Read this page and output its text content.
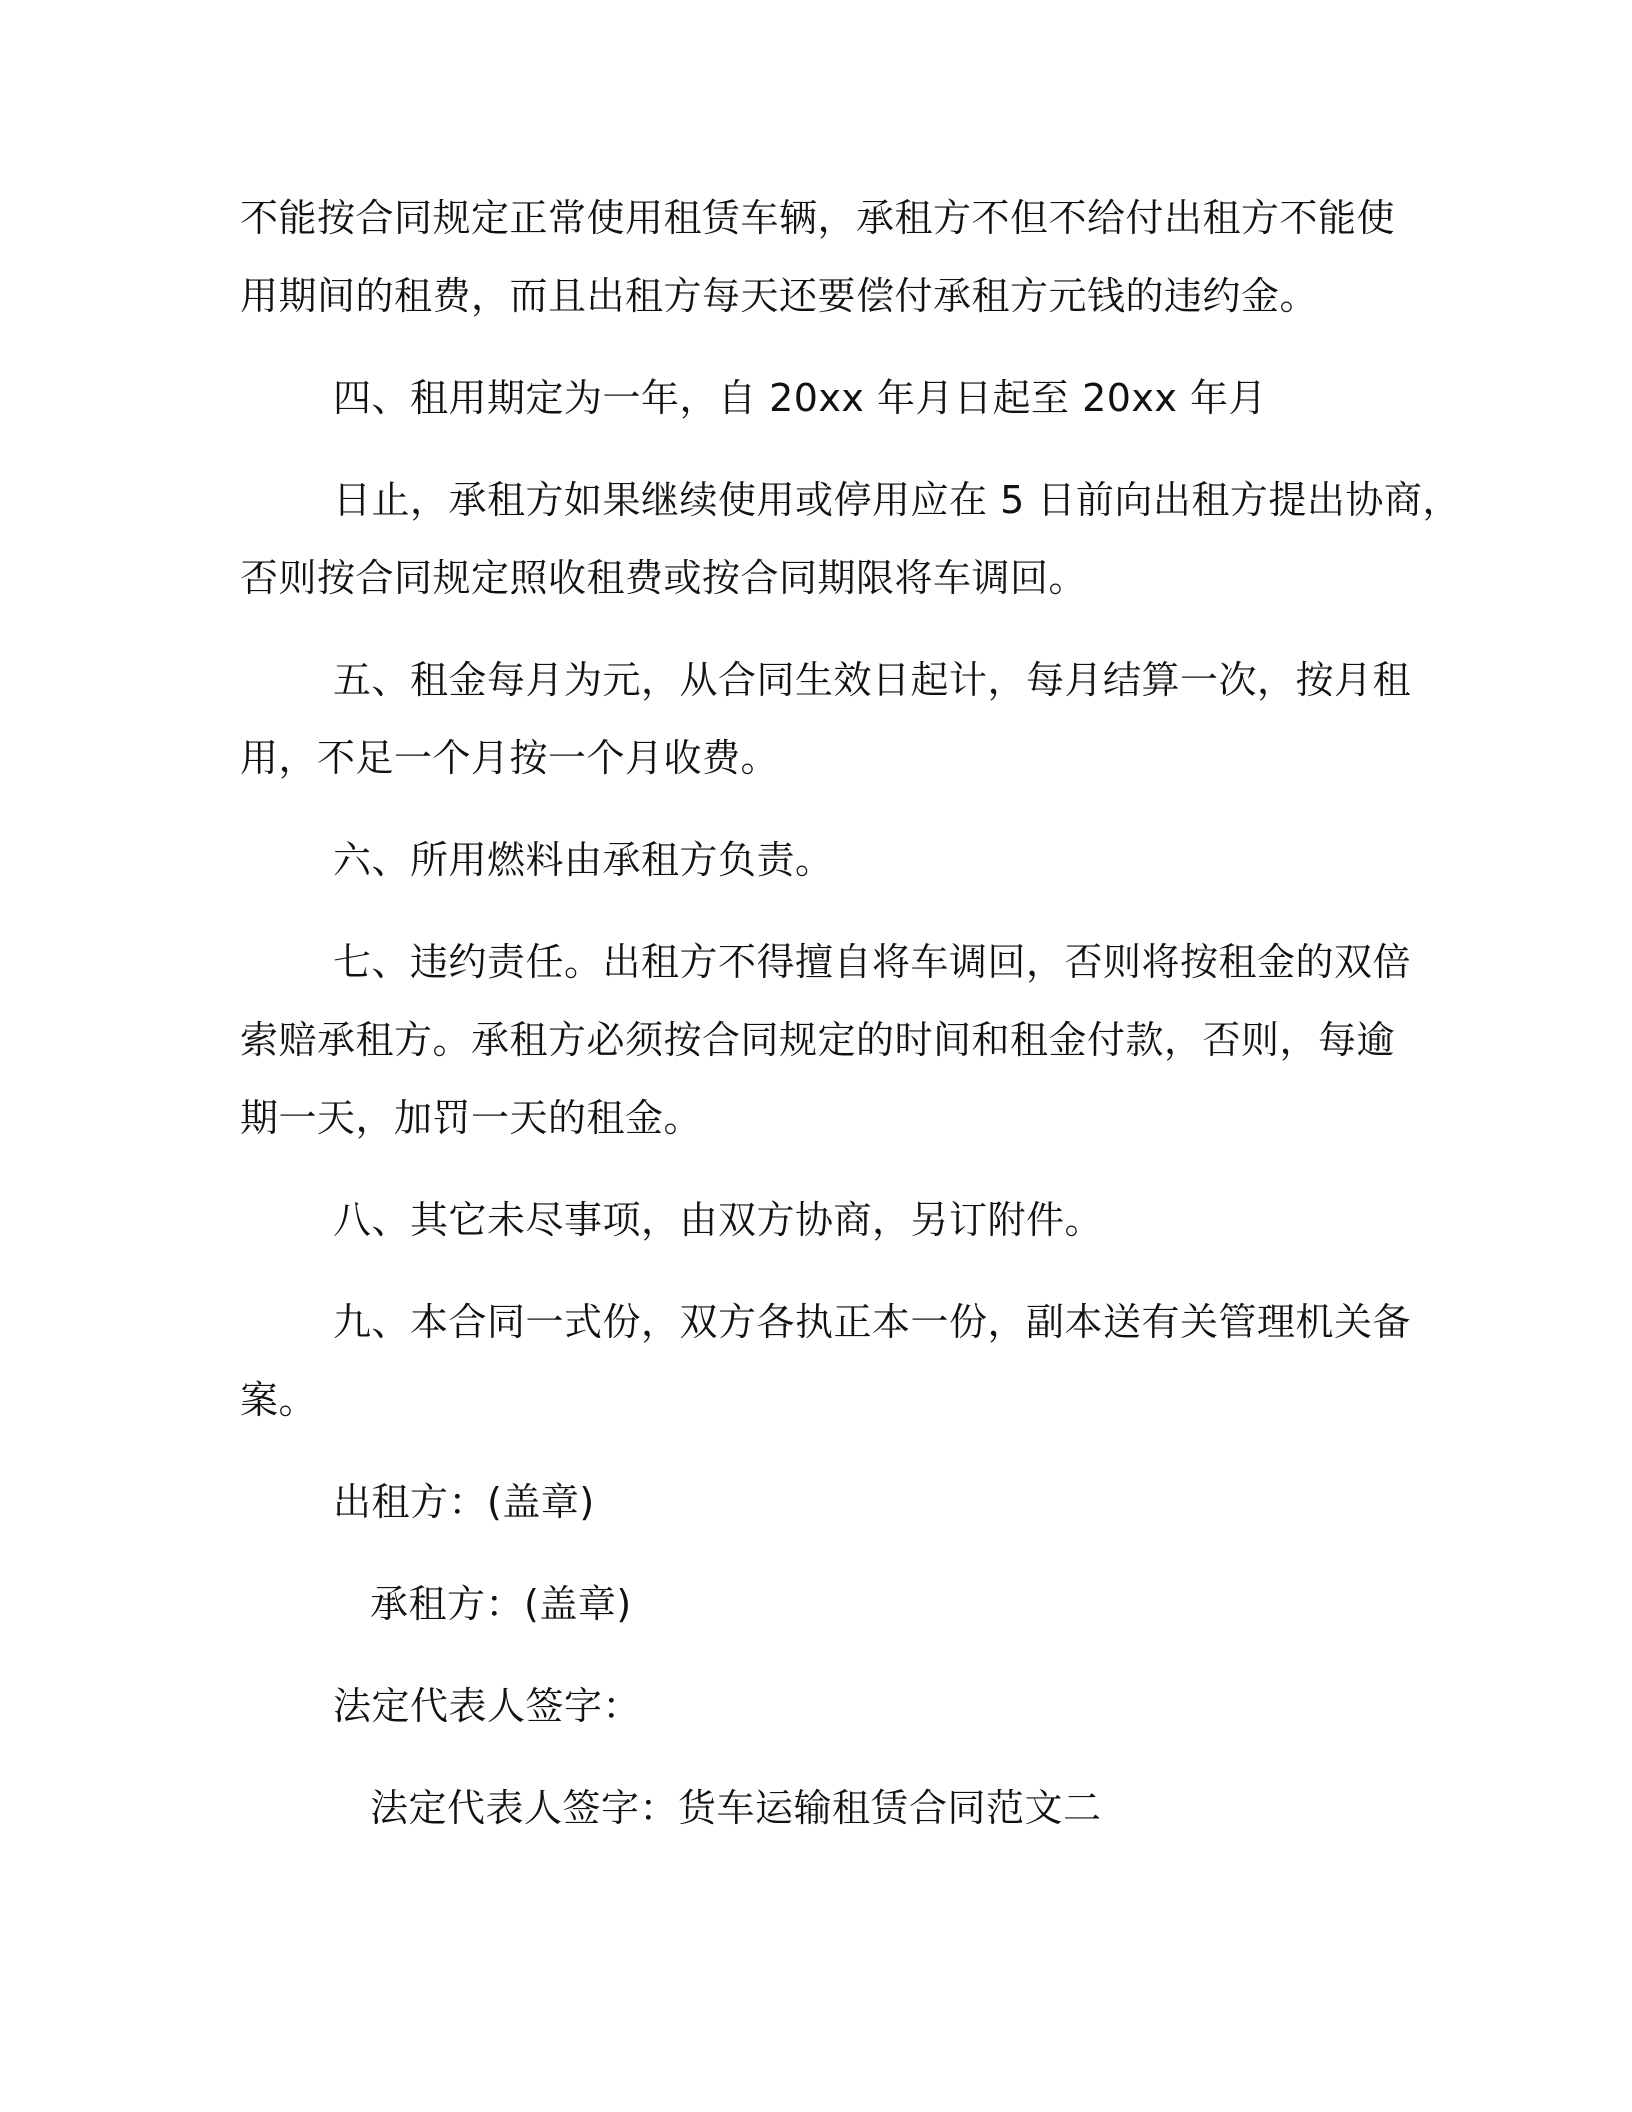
不能按合同规定正常使用租赁车辆，承租方不但不给付出租方不能使
用期间的租费，而且出租方每天还要偿付承租方元钱的违约金。
四、租用期定为一年，自 20xx 年月日起至 20xx 年月
日止，承租方如果继续使用或停用应在 5 日前向出租方提出协商，
否则按合同规定照收租费或按合同期限将车调回。
五、租金每月为元，从合同生效日起计，每月结算一次，按月租
用，不足一个月按一个月收费。
六、所用燃料由承租方负责。
七、违约责任。出租方不得擅自将车调回，否则将按租金的双倍
索赔承租方。承租方必须按合同规定的时间和租金付款，否则，每逾
期一天，加罚一天的租金。
八、其它未尽事项，由双方协商，另订附件。
九、本合同一式份，双方各执正本一份，副本送有关管理机关备
案。
出租方：(盖章)
承租方：(盖章)
法定代表人签字：
法定代表人签字：货车运输租赁合同范文二
